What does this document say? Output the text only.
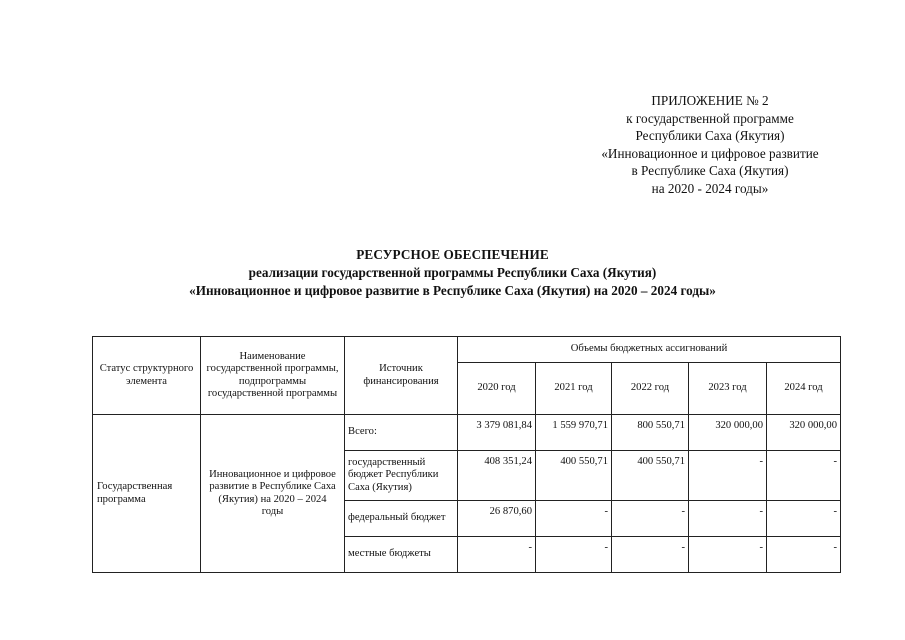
ПРИЛОЖЕНИЕ № 2
к государственной программе
Республики Саха (Якутия)
«Инновационное и цифровое развитие
в Республике Саха (Якутия)
на 2020 - 2024 годы»
РЕСУРСНОЕ ОБЕСПЕЧЕНИЕ
реализации государственной программы Республики Саха (Якутия)
«Инновационное и цифровое развитие в Республике Саха (Якутия) на 2020 – 2024 годы»
Статус структурного элемента	Наименование государственной программы, подпрограммы государственной программы	Источник финансирования	Объемы бюджетных ассигнований				
			2020 год	2021 год	2022 год	2023 год	2024 год
Государственная программа	Инновационное и цифровое развитие в Республике Саха (Якутия) на 2020 – 2024 годы	Всего:	3 379 081,84	1 559 970,71	800 550,71	320 000,00	320 000,00
		государственный бюджет Республики Саха (Якутия)	408 351,24	400 550,71	400 550,71	-	-
		федеральный бюджет	26 870,60	-	-	-	-
		местные бюджеты	-	-	-	-	-
